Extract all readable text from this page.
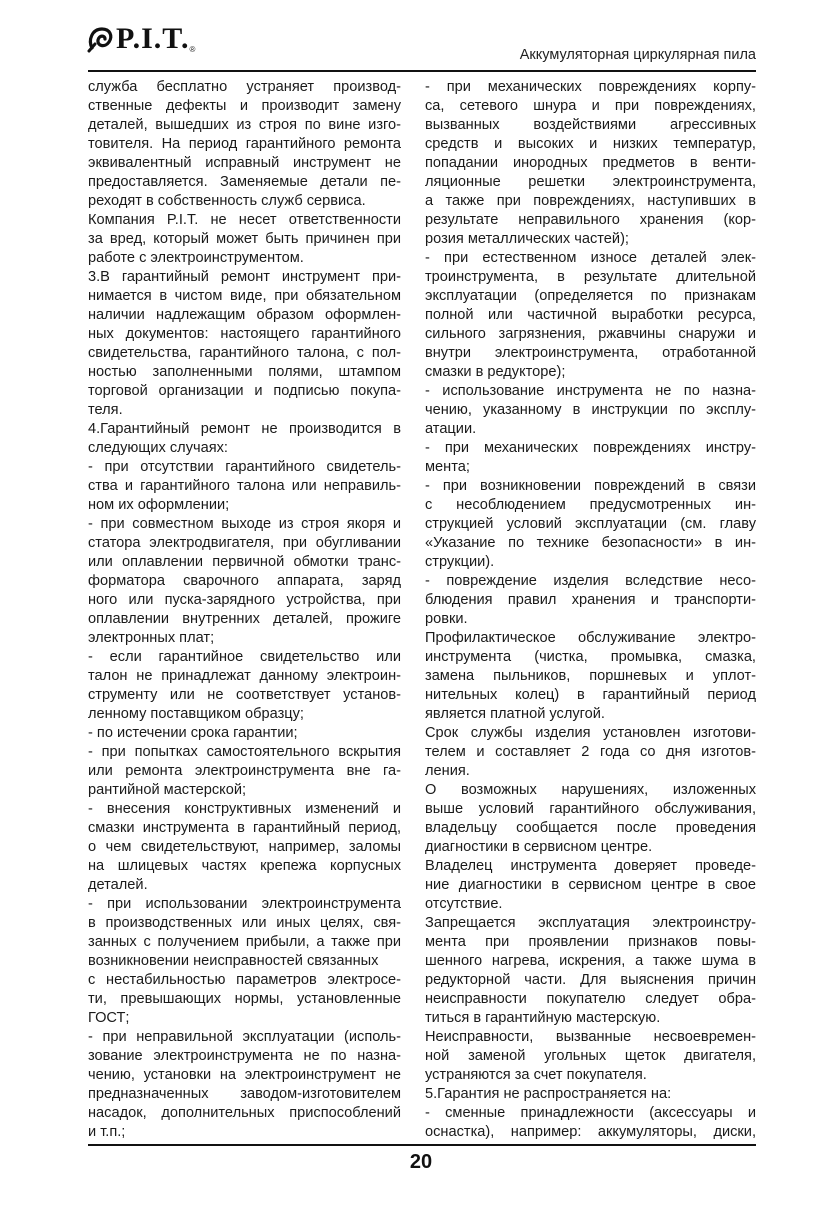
P.I.T. ®	Аккумуляторная циркулярная пила
служба бесплатно устраняет производ-
ственные дефекты и производит замену
деталей, вышедших из строя по вине изго-
товителя. На период гарантийного ремонта
эквивалентный исправный инструмент не
предоставляется. Заменяемые детали пе-
реходят в собственность служб сервиса.
Компания P.I.T. не несет ответственности
за вред, который может быть причинен при
работе с электроинструментом.
3.В гарантийный ремонт инструмент при-
нимается в чистом виде, при обязательном
наличии надлежащим образом оформлен-
ных документов: настоящего гарантийного
свидетельства, гарантийного талона, с пол-
ностью заполненными полями, штампом
торговой организации и подписью покупа-
теля.
4.Гарантийный ремонт не производится в
следующих случаях:
- при отсутствии гарантийного свидетель-
ства и гарантийного талона или неправиль-
ном их оформлении;
- при совместном выходе из строя якоря и
статора электродвигателя, при обугливании
или оплавлении первичной обмотки транс-
форматора сварочного аппарата, заряд
ного или пуска-зарядного устройства, при
оплавлении внутренних деталей, прожиге
электронных плат;
- если гарантийное свидетельство или
талон не принадлежат данному электроин-
струменту или не соответствует установ-
ленному поставщиком образцу;
- по истечении срока гарантии;
- при попытках самостоятельного вскрытия
или ремонта электроинструмента вне га-
рантийной мастерской;
- внесения конструктивных изменений и
смазки инструмента в гарантийный период,
о чем свидетельствуют, например, заломы
на шлицевых частях крепежа корпусных
деталей.
- при использовании электроинструмента
в производственных или иных целях, свя-
занных с получением прибыли, а также при
возникновении неисправностей связанных
с нестабильностью параметров электросе-
ти, превышающих нормы, установленные
ГОСТ;
- при неправильной эксплуатации (исполь-
зование электроинструмента не по назна-
чению, установки на электроинструмент не
предназначенных заводом-изготовителем
насадок, дополнительных приспособлений
и т.п.;
- при механических повреждениях корпу-
са, сетевого шнура и при повреждениях,
вызванных воздействиями агрессивных
средств и высоких и низких температур,
попадании инородных предметов в венти-
ляционные решетки электроинструмента,
а также при повреждениях, наступивших в
результате неправильного хранения (кор-
розия металлических частей);
- при естественном износе деталей элек-
троинструмента, в результате длительной
эксплуатации (определяется по признакам
полной или частичной выработки ресурса,
сильного загрязнения, ржавчины снаружи и
внутри электроинструмента, отработанной
смазки в редукторе);
- использование инструмента не по назна-
чению, указанному в инструкции по эксплу-
атации.
- при механических повреждениях инстру-
мента;
- при возникновении повреждений в связи
с несоблюдением предусмотренных ин-
струкцией условий эксплуатации (см. главу
«Указание по технике безопасности» в ин-
струкции).
- повреждение изделия вследствие несо-
блюдения правил хранения и транспорти-
ровки.
Профилактическое обслуживание электро-
инструмента (чистка, промывка, смазка,
замена пыльников, поршневых и уплот-
нительных колец) в гарантийный период
является платной услугой.
Срок службы изделия установлен изготови-
телем и составляет 2 года со дня изготов-
ления.
О возможных нарушениях, изложенных
выше условий гарантийного обслуживания,
владельцу сообщается после проведения
диагностики в сервисном центре.
Владелец инструмента доверяет проведе-
ние диагностики в сервисном центре в свое
отсутствие.
Запрещается эксплуатация электроинстру-
мента при проявлении признаков повы-
шенного нагрева, искрения, а также шума в
редукторной части. Для выяснения причин
неисправности покупателю следует обра-
титься в гарантийную мастерскую.
Неисправности, вызванные несвоевремен-
ной заменой угольных щеток двигателя,
устраняются за счет покупателя.
5.Гарантия не распространяется на:
- сменные принадлежности (аксессуары и
оснастка), например: аккумуляторы, диски,
20
